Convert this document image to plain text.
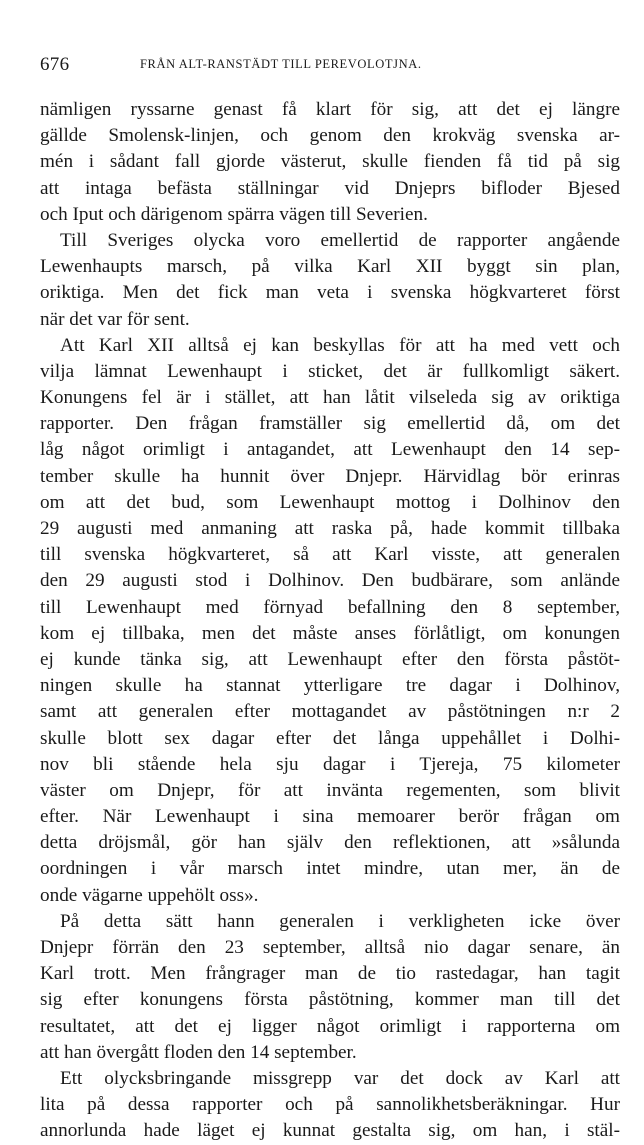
676	FRÅN ALT-RANSTÄDT TILL PEREVOLOTJNA.
nämligen ryssarne genast få klart för sig, att det ej längre
gällde Smolensk-linjen, och genom den krokväg svenska ar-
mén i sådant fall gjorde västerut, skulle fienden få tid på sig
att intaga befästa ställningar vid Dnjeprs bifloder Bjesed
och Iput och därigenom spärra vägen till Severien.
Till Sveriges olycka voro emellertid de rapporter angående
Lewenhaupts marsch, på vilka Karl XII byggt sin plan,
oriktiga. Men det fick man veta i svenska högkvarteret först
när det var för sent.
Att Karl XII alltså ej kan beskyllas för att ha med vett och
vilja lämnat Lewenhaupt i sticket, det är fullkomligt säkert.
Konungens fel är i stället, att han låtit vilseleda sig av oriktiga
rapporter. Den frågan framställer sig emellertid då, om det
låg något orimligt i antagandet, att Lewenhaupt den 14 sep-
tember skulle ha hunnit över Dnjepr. Härvidlag bör erinras
om att det bud, som Lewenhaupt mottog i Dolhinov den
29 augusti med anmaning att raska på, hade kommit tillbaka
till svenska högkvarteret, så att Karl visste, att generalen
den 29 augusti stod i Dolhinov. Den budbärare, som anlände
till Lewenhaupt med förnyad befallning den 8 september,
kom ej tillbaka, men det måste anses förlåtligt, om konungen
ej kunde tänka sig, att Lewenhaupt efter den första påstöt-
ningen skulle ha stannat ytterligare tre dagar i Dolhinov,
samt att generalen efter mottagandet av påstötningen n:r 2
skulle blott sex dagar efter det långa uppehållet i Dolhi-
nov bli stående hela sju dagar i Tjereja, 75 kilometer
väster om Dnjepr, för att invänta regementen, som blivit
efter. När Lewenhaupt i sina memoarer berör frågan om
detta dröjsmål, gör han själv den reflektionen, att »sålunda
oordningen i vår marsch intet mindre, utan mer, än de
onde vägarne uppehölt oss».
På detta sätt hann generalen i verkligheten icke över
Dnjepr förrän den 23 september, alltså nio dagar senare, än
Karl trott. Men frångrager man de tio rastedagar, han tagit
sig efter konungens första påstötning, kommer man till det
resultatet, att det ej ligger något orimligt i rapporterna om
att han övergått floden den 14 september.
Ett olycksbringande missgrepp var det dock av Karl att
lita på dessa rapporter och på sannolikhetsberäkningar. Hur
annorlunda hade läget ej kunnat gestalta sig, om han, i stäl-
